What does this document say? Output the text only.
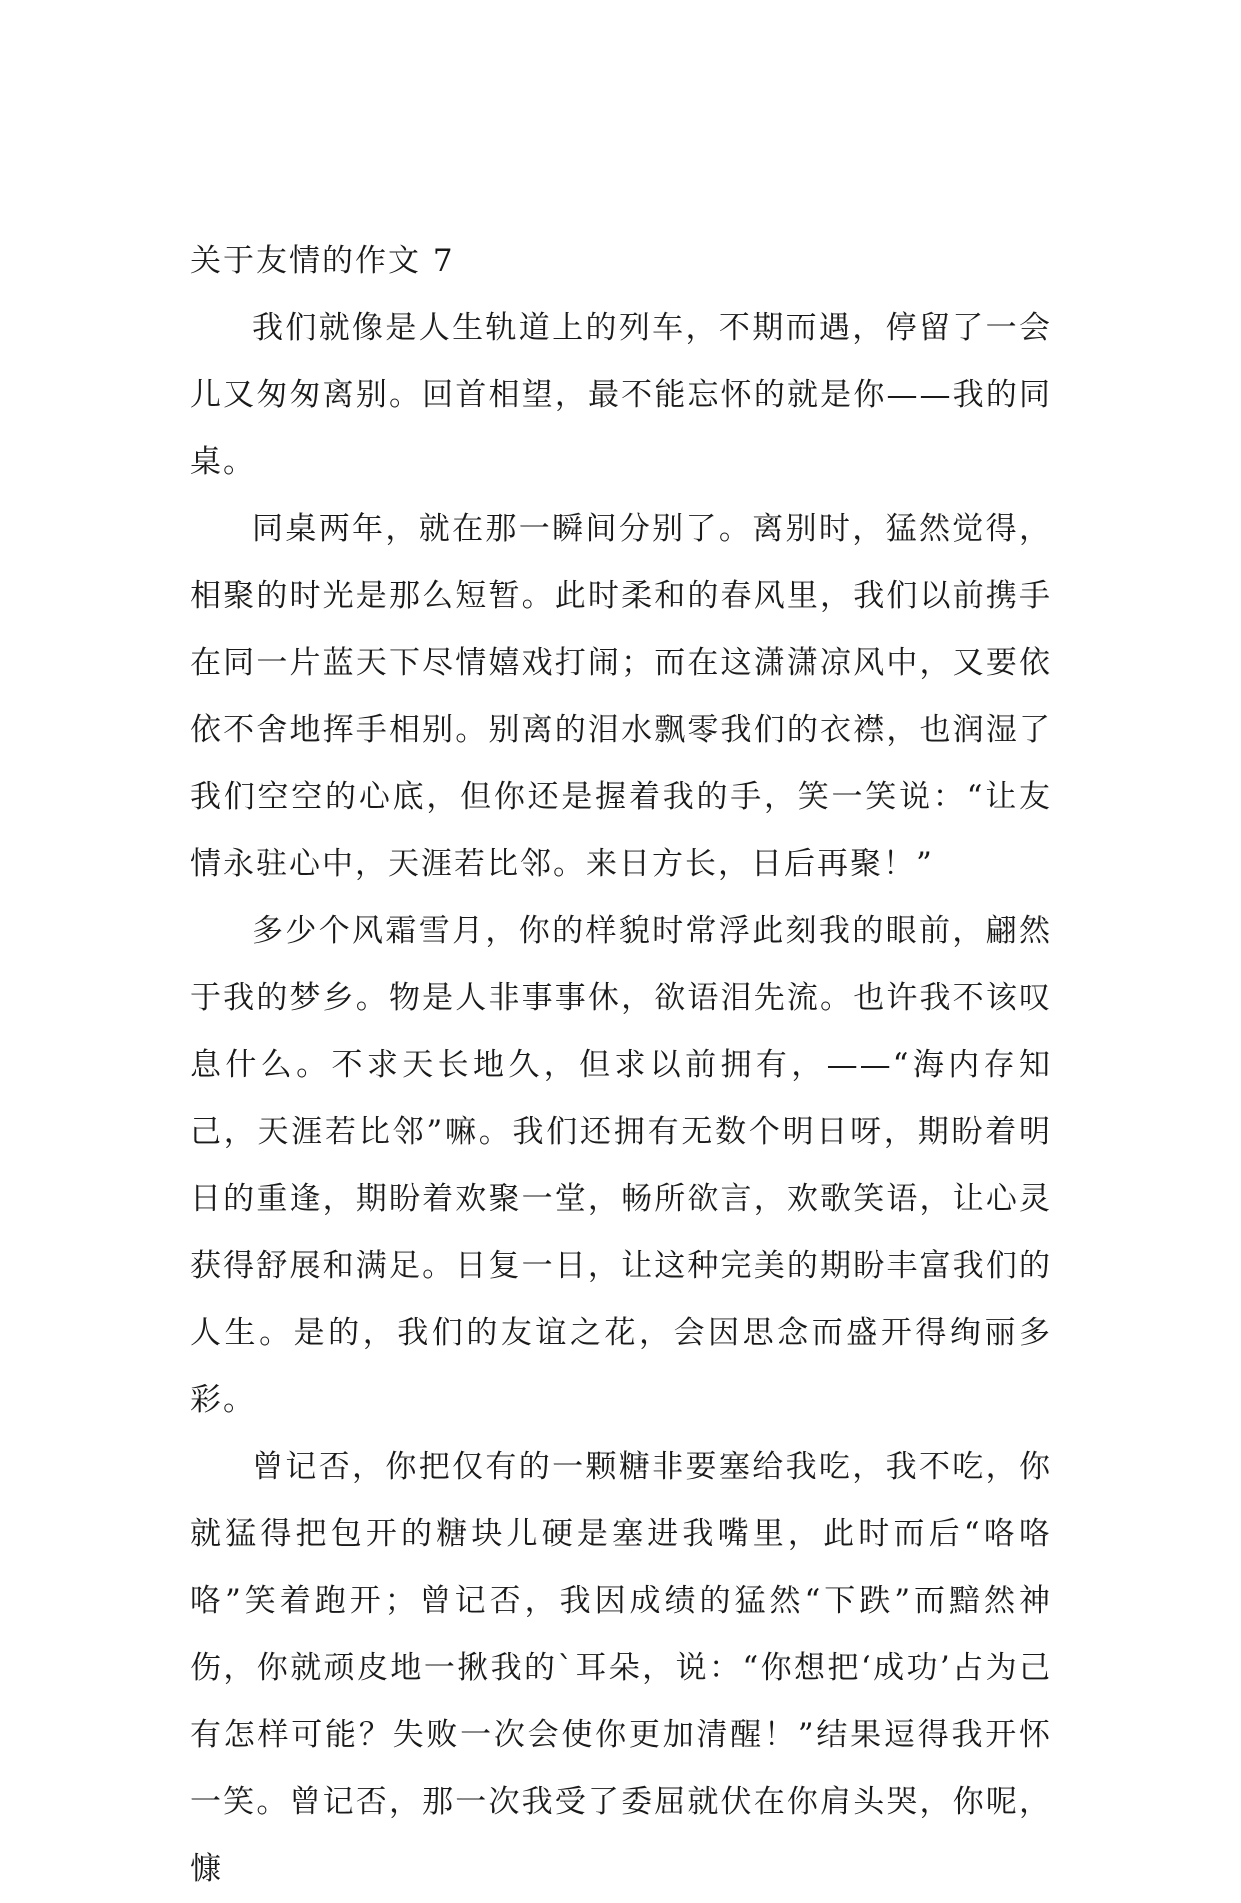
关于友情的作文 7

我们就像是人生轨道上的列车，不期而遇，停留了一会儿又匆匆离别。回首相望，最不能忘怀的就是你——我的同桌。

同桌两年，就在那一瞬间分别了。离别时，猛然觉得，相聚的时光是那么短暂。此时柔和的春风里，我们以前携手在同一片蓝天下尽情嬉戏打闹；而在这潇潇凉风中，又要依依不舍地挥手相别。别离的泪水飘零我们的衣襟，也润湿了我们空空的心底，但你还是握着我的手，笑一笑说：“让友情永驻心中，天涯若比邻。来日方长，日后再聚！”

多少个风霜雪月，你的样貌时常浮此刻我的眼前，翩然于我的梦乡。物是人非事事休，欲语泪先流。也许我不该叹息什么。不求天长地久，但求以前拥有，——“海内存知己，天涯若比邻”嘛。我们还拥有无数个明日呀，期盼着明日的重逢，期盼着欢聚一堂，畅所欲言，欢歌笑语，让心灵获得舒展和满足。日复一日，让这种完美的期盼丰富我们的人生。是的，我们的友谊之花，会因思念而盛开得绚丽多彩。

曾记否，你把仅有的一颗糖非要塞给我吃，我不吃，你就猛得把包开的糖块儿硬是塞进我嘴里，此时而后“咯咯咯”笑着跑开；曾记否，我因成绩的猛然“下跌”而黯然神伤，你就顽皮地一揪我的`耳朵，说：“你想把‘成功’占为己有怎样可能？失败一次会使你更加清醒！”结果逗得我开怀一笑。曾记否，那一次我受了委屈就伏在你肩头哭，你呢，慷
